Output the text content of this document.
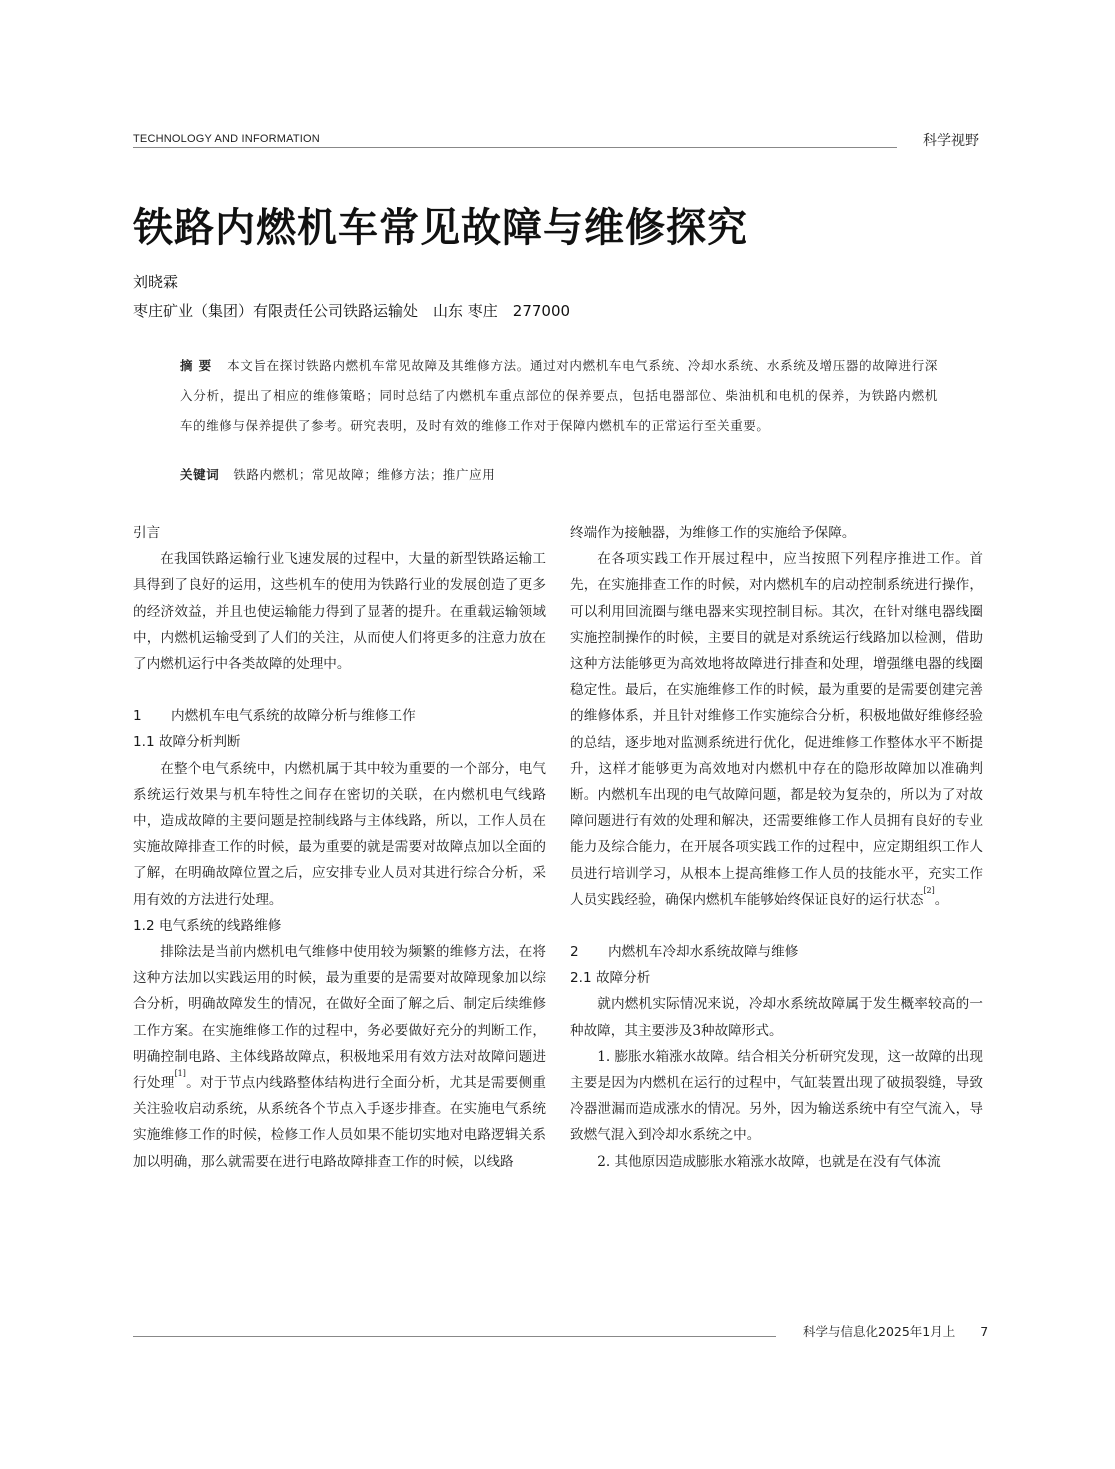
TECHNOLOGY AND INFORMATION	科学视野
铁路内燃机车常见故障与维修探究
刘晓霖
枣庄矿业（集团）有限责任公司铁路运输处　山东 枣庄　277000
摘要 本文旨在探讨铁路内燃机车常见故障及其维修方法。通过对内燃机车电气系统、冷却水系统、水系统及增压器的故障进行深入分析，提出了相应的维修策略；同时总结了内燃机车重点部位的保养要点，包括电器部位、柴油机和电机的保养，为铁路内燃机车的维修与保养提供了参考。研究表明，及时有效的维修工作对于保障内燃机车的正常运行至关重要。
关键词 铁路内燃机；常见故障；维修方法；推广应用

引言

在我国铁路运输行业飞速发展的过程中，大量的新型铁路运输工具得到了良好的运用，这些机车的使用为铁路行业的发展创造了更多的经济效益，并且也使运输能力得到了显著的提升。在重载运输领域中，内燃机运输受到了人们的关注，从而使人们将更多的注意力放在了内燃机运行中各类故障的处理中。

1 内燃机车电气系统的故障分析与维修工作

1.1 故障分析判断

在整个电气系统中，内燃机属于其中较为重要的一个部分，电气系统运行效果与机车特性之间存在密切的关联，在内燃机电气线路中，造成故障的主要问题是控制线路与主体线路，所以，工作人员在实施故障排查工作的时候，最为重要的就是需要对故障点加以全面的了解，在明确故障位置之后，应安排专业人员对其进行综合分析，采用有效的方法进行处理。

1.2 电气系统的线路维修

排除法是当前内燃机电气维修中使用较为频繁的维修方法，在将这种方法加以实践运用的时候，最为重要的是需要对故障现象加以综合分析，明确故障发生的情况，在做好全面了解之后、制定后续维修工作方案。在实施维修工作的过程中，务必要做好充分的判断工作，明确控制电路、主体线路故障点，积极地采用有效方法对故障问题进行处理[1]。对于节点内线路整体结构进行全面分析，尤其是需要侧重关注验收启动系统，从系统各个节点入手逐步排查。在实施电气系统实施维修工作的时候，检修工作人员如果不能切实地对电路逻辑关系加以明确，那么就需要在进行电路故障排查工作的时候，以线路

终端作为接触器，为维修工作的实施给予保障。

在各项实践工作开展过程中，应当按照下列程序推进工作。首先，在实施排查工作的时候，对内燃机车的启动控制系统进行操作，可以利用回流圈与继电器来实现控制目标。其次，在针对继电器线圈实施控制操作的时候，主要目的就是对系统运行线路加以检测，借助这种方法能够更为高效地将故障进行排查和处理，增强继电器的线圈稳定性。最后，在实施维修工作的时候，最为重要的是需要创建完善的维修体系，并且针对维修工作实施综合分析，积极地做好维修经验的总结，逐步地对监测系统进行优化，促进维修工作整体水平不断提升，这样才能够更为高效地对内燃机中存在的隐形故障加以准确判断。内燃机车出现的电气故障问题，都是较为复杂的，所以为了对故障问题进行有效的处理和解决，还需要维修工作人员拥有良好的专业能力及综合能力，在开展各项实践工作的过程中，应定期组织工作人员进行培训学习，从根本上提高维修工作人员的技能水平，充实工作人员实践经验，确保内燃机车能够始终保证良好的运行状态[2]。

2 内燃机车冷却水系统故障与维修

2.1 故障分析

就内燃机实际情况来说，冷却水系统故障属于发生概率较高的一种故障，其主要涉及3种故障形式。

1. 膨胀水箱涨水故障。结合相关分析研究发现，这一故障的出现主要是因为内燃机在运行的过程中，气缸装置出现了破损裂缝，导致冷器泄漏而造成涨水的情况。另外，因为输送系统中有空气流入，导致燃气混入到冷却水系统之中。

2. 其他原因造成膨胀水箱涨水故障，也就是在没有气体流

科学与信息化2025年1月上　　 7
